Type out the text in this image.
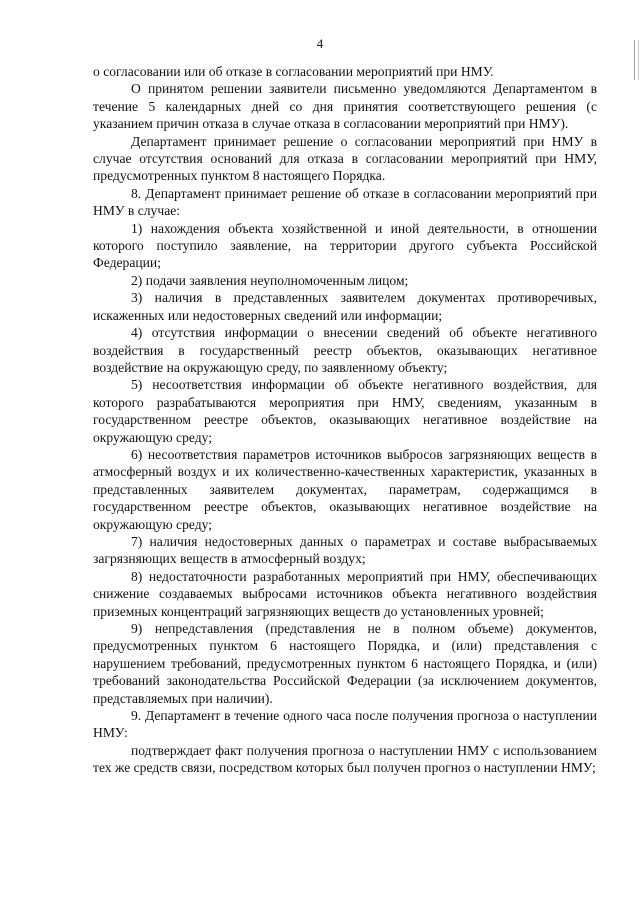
4

о согласовании или об отказе в согласовании мероприятий при НМУ.

О принятом решении заявители письменно уведомляются Департаментом в течение 5 календарных дней со дня принятия соответствующего решения (с указанием причин отказа в случае отказа в согласовании мероприятий при НМУ).

Департамент принимает решение о согласовании мероприятий при НМУ в случае отсутствия оснований для отказа в согласовании мероприятий при НМУ, предусмотренных пунктом 8 настоящего Порядка.

8. Департамент принимает решение об отказе в согласовании мероприятий при НМУ в случае:

1) нахождения объекта хозяйственной и иной деятельности, в отношении которого поступило заявление, на территории другого субъекта Российской Федерации;

2) подачи заявления неуполномоченным лицом;

3) наличия в представленных заявителем документах противоречивых, искаженных или недостоверных сведений или информации;

4) отсутствия информации о внесении сведений об объекте негативного воздействия в государственный реестр объектов, оказывающих негативное воздействие на окружающую среду, по заявленному объекту;

5) несоответствия информации об объекте негативного воздействия, для которого разрабатываются мероприятия при НМУ, сведениям, указанным в государственном реестре объектов, оказывающих негативное воздействие на окружающую среду;

6) несоответствия параметров источников выбросов загрязняющих веществ в атмосферный воздух и их количественно-качественных характеристик, указанных в представленных заявителем документах, параметрам, содержащимся в государственном реестре объектов, оказывающих негативное воздействие на окружающую среду;

7) наличия недостоверных данных о параметрах и составе выбрасываемых загрязняющих веществ в атмосферный воздух;

8) недостаточности разработанных мероприятий при НМУ, обеспечивающих снижение создаваемых выбросами источников объекта негативного воздействия приземных концентраций загрязняющих веществ до установленных уровней;

9) непредставления (представления не в полном объеме) документов, предусмотренных пунктом 6 настоящего Порядка, и (или) представления с нарушением требований, предусмотренных пунктом 6 настоящего Порядка, и (или) требований законодательства Российской Федерации (за исключением документов, представляемых при наличии).

9. Департамент в течение одного часа после получения прогноза о наступлении НМУ:

подтверждает факт получения прогноза о наступлении НМУ с использованием тех же средств связи, посредством которых был получен прогноз о наступлении НМУ;
